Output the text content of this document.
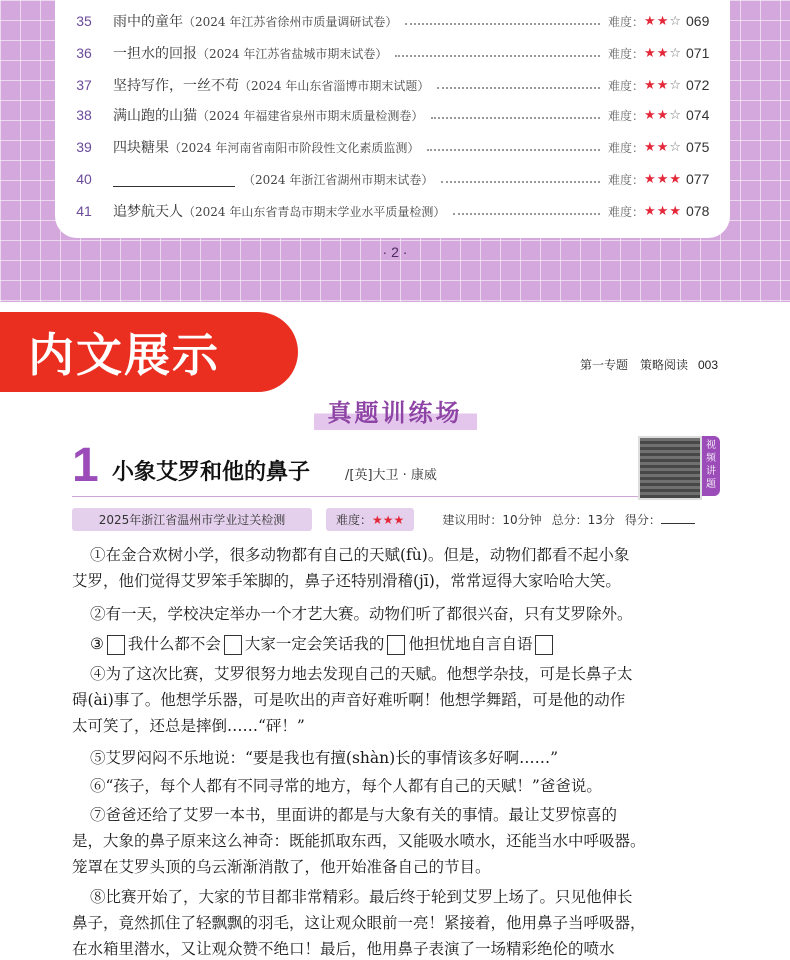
35	雨中的童年 （2024 年江苏省徐州市质量调研试卷）	难度： ★★☆ 069
36	一担水的回报 （2024 年江苏省盐城市期末试卷）	难度： ★★☆ 071
37	坚持写作，一丝不苟 （2024 年山东省淄博市期末试题）	难度： ★★☆ 072
38	满山跑的山猫 （2024 年福建省泉州市期末质量检测卷）	难度： ★★☆ 074
39	四块糖果 （2024 年河南省南阳市阶段性文化素质监测）	难度： ★★☆ 075
40	（2024 年浙江省湖州市期末试卷）	难度： ★★★ 077
41	追梦航天人 （2024 年山东省青岛市期末学业水平质量检测）	难度： ★★★ 078
· 2 ·
内文展示	第一专题　策略阅读 003
真题训练场
1 小象艾罗和他的鼻子	/[英]大卫 · 康威
视频讲题
2025年浙江省温州市学业过关检测	难度：★★★	建议用时：10分钟 总分：13分 得分：
①在金合欢树小学，很多动物都有自己的天赋(fù)。但是，动物们都看不起小象
艾罗，他们觉得艾罗笨手笨脚的，鼻子还特别滑稽(jī)，常常逗得大家哈哈大笑。
②有一天，学校决定举办一个才艺大赛。动物们听了都很兴奋，只有艾罗除外。
③ 我什么都不会 大家一定会笑话我的 他担忧地自言自语
④为了这次比赛，艾罗很努力地去发现自己的天赋。他想学杂技，可是长鼻子太
碍(ài)事了。他想学乐器，可是吹出的声音好难听啊！他想学舞蹈，可是他的动作
太可笑了，还总是摔倒……“砰！”
⑤艾罗闷闷不乐地说：“要是我也有擅(shàn)长的事情该多好啊……”
⑥“孩子，每个人都有不同寻常的地方，每个人都有自己的天赋！”爸爸说。
⑦爸爸还给了艾罗一本书，里面讲的都是与大象有关的事情。最让艾罗惊喜的
是，大象的鼻子原来这么神奇：既能抓取东西，又能吸水喷水，还能当水中呼吸器。
笼罩在艾罗头顶的乌云渐渐消散了，他开始准备自己的节目。
⑧比赛开始了，大家的节目都非常精彩。最后终于轮到艾罗上场了。只见他伸长
鼻子，竟然抓住了轻飘飘的羽毛，这让观众眼前一亮！紧接着，他用鼻子当呼吸器，
在水箱里潜水，又让观众赞不绝口！最后，他用鼻子表演了一场精彩绝伦的喷水
